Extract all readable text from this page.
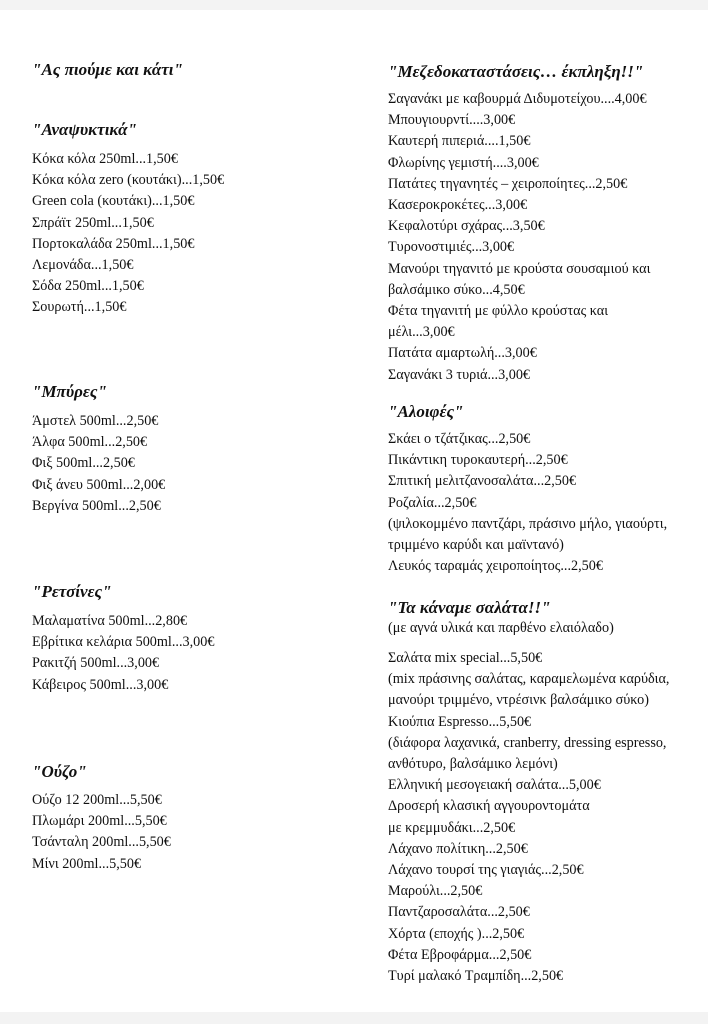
"Ας πιούμε και κάτι"
"Αναψυκτικά"
Κόκα κόλα 250ml...1,50€
Κόκα κόλα zero (κουτάκι)...1,50€
Green cola (κουτάκι)...1,50€
Σπράϊτ 250ml...1,50€
Πορτοκαλάδα 250ml...1,50€
Λεμονάδα...1,50€
Σόδα 250ml...1,50€
Σουρωτή...1,50€
"Μπύρες"
Άμστελ 500ml...2,50€
Άλφα 500ml...2,50€
Φιξ 500ml...2,50€
Φιξ άνευ 500ml...2,00€
Βεργίνα 500ml...2,50€
"Ρετσίνες"
Μαλαματίνα 500ml...2,80€
Εβρίτικα κελάρια 500ml...3,00€
Ρακιτζή 500ml...3,00€
Κάβειρος 500ml...3,00€
"Ούζο"
Ούζο 12 200ml...5,50€
Πλωμάρι 200ml...5,50€
Τσάνταλη 200ml...5,50€
Μίνι 200ml...5,50€
"Μεζεδοκαταστάσεις… έκπληξη!!"
Σαγανάκι με καβουρμά Διδυμοτείχου....4,00€
Μπουγιουρντί....3,00€
Καυτερή πιπεριά....1,50€
Φλωρίνης γεμιστή....3,00€
Πατάτες τηγανητές – χειροποίητες...2,50€
Κασεροκροκέτες...3,00€
Κεφαλοτύρι σχάρας...3,50€
Τυρονοστιμιές...3,00€
Μανούρι τηγανιτό με κρούστα σουσαμιού και
βαλσάμικο σύκο...4,50€
Φέτα τηγανιτή με φύλλο κρούστας και
μέλι...3,00€
Πατάτα αμαρτωλή...3,00€
Σαγανάκι 3 τυριά...3,00€
"Αλοιφές"
Σκάει ο τζάτζικας...2,50€
Πικάντικη τυροκαυτερή...2,50€
Σπιτική μελιτζανοσαλάτα...2,50€
Ροζαλία...2,50€
(ψιλοκομμένο παντζάρι, πράσινο μήλο, γιαούρτι,
τριμμένο καρύδι και μαϊντανό)
Λευκός ταραμάς χειροποίητος...2,50€
"Τα κάναμε σαλάτα!!"
(με αγνά υλικά και παρθένο ελαιόλαδο)
Σαλάτα mix special...5,50€
(mix πράσινης σαλάτας, καραμελωμένα καρύδια,
μανούρι τριμμένο, ντρέσινκ βαλσάμικο σύκο)
Κιούπια Espresso...5,50€
(διάφορα λαχανικά, cranberry, dressing espresso,
ανθότυρο, βαλσάμικο λεμόνι)
Ελληνική μεσογειακή σαλάτα...5,00€
Δροσερή κλασική αγγουροντομάτα
με κρεμμυδάκι...2,50€
Λάχανο πολίτικη...2,50€
Λάχανο τουρσί της γιαγιάς...2,50€
Μαρούλι...2,50€
Παντζαροσαλάτα...2,50€
Χόρτα (εποχής )...2,50€
Φέτα Εβροφάρμα...2,50€
Τυρί μαλακό Τραμπίδη...2,50€
